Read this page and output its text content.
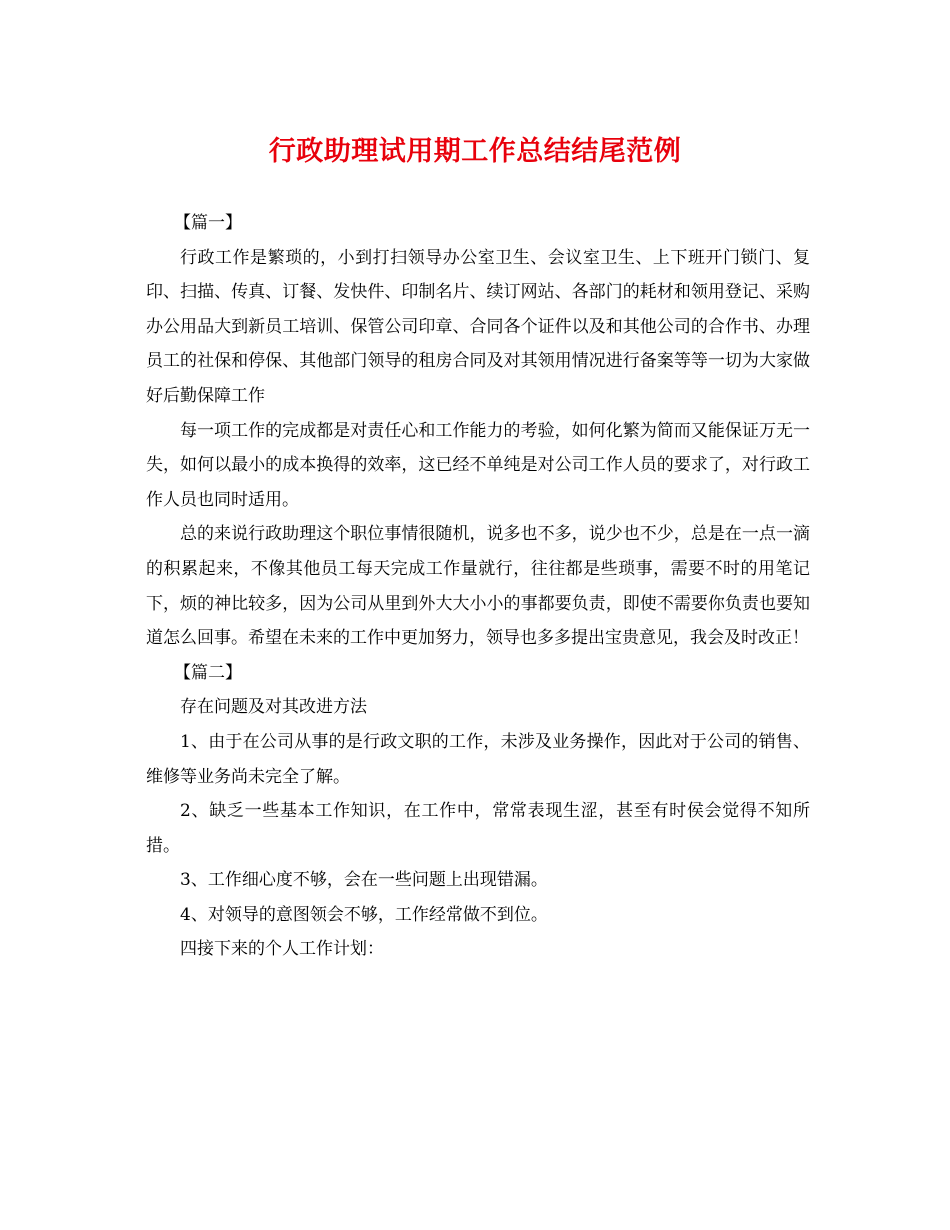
行政助理试用期工作总结结尾范例

【篇一】

行政工作是繁琐的，小到打扫领导办公室卫生、会议室卫生、上下班开门锁门、复印、扫描、传真、订餐、发快件、印制名片、续订网站、各部门的耗材和领用登记、采购办公用品大到新员工培训、保管公司印章、合同各个证件以及和其他公司的合作书、办理员工的社保和停保、其他部门领导的租房合同及对其领用情况进行备案等等一切为大家做好后勤保障工作

每一项工作的完成都是对责任心和工作能力的考验，如何化繁为简而又能保证万无一失，如何以最小的成本换得的效率，这已经不单纯是对公司工作人员的要求了，对行政工作人员也同时适用。

总的来说行政助理这个职位事情很随机，说多也不多，说少也不少，总是在一点一滴的积累起来，不像其他员工每天完成工作量就行，往往都是些琐事，需要不时的用笔记下，烦的神比较多，因为公司从里到外大大小小的事都要负责，即使不需要你负责也要知道怎么回事。希望在未来的工作中更加努力，领导也多多提出宝贵意见，我会及时改正！

【篇二】

存在问题及对其改进方法

1、由于在公司从事的是行政文职的工作，未涉及业务操作，因此对于公司的销售、维修等业务尚未完全了解。

2、缺乏一些基本工作知识，在工作中，常常表现生涩，甚至有时侯会觉得不知所措。

3、工作细心度不够，会在一些问题上出现错漏。

4、对领导的意图领会不够，工作经常做不到位。

四接下来的个人工作计划：
